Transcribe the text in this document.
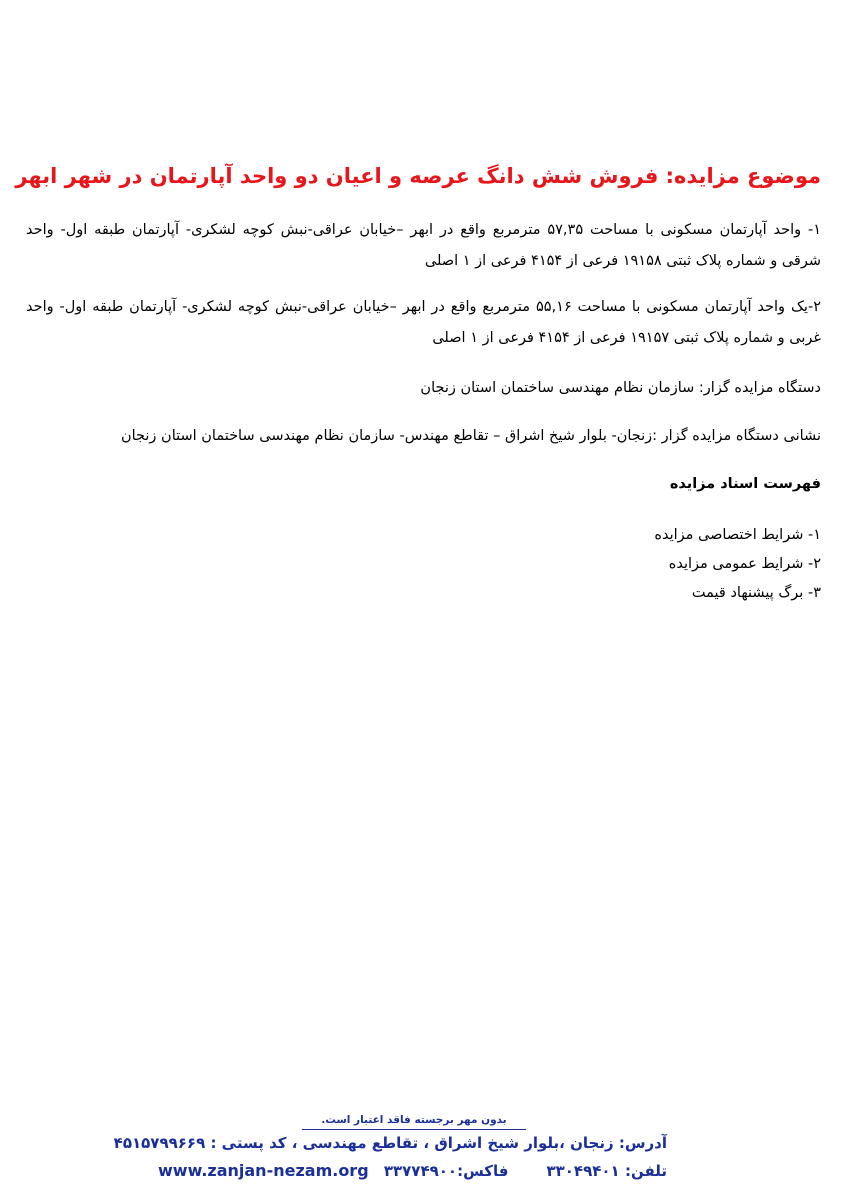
موضوع مزایده: فروش شش دانگ عرصه و اعیان دو واحد آپارتمان در شهر ابهر
۱- واحد آپارتمان مسکونی با مساحت ۵۷,۳۵ مترمربع واقع در ابهر –خیابان عراقی-نبش کوچه لشکری- آپارتمان طبقه اول- واحد شرقی و شماره پلاک ثبتی ۱۹۱۵۸ فرعی از ۴۱۵۴ فرعی از ۱ اصلی
۲-یک واحد آپارتمان مسکونی با مساحت ۵۵,۱۶ مترمربع واقع در ابهر –خیابان عراقی-نبش کوچه لشکری- آپارتمان طبقه اول- واحد غربی و شماره پلاک ثبتی ۱۹۱۵۷ فرعی از ۴۱۵۴ فرعی از ۱ اصلی
دستگاه مزایده گزار: سازمان نظام مهندسی ساختمان استان زنجان
نشانی دستگاه مزایده گزار :زنجان- بلوار شیخ اشراق – تقاطع مهندس- سازمان نظام مهندسی ساختمان استان زنجان
فهرست اسناد مزایده
۱- شرایط اختصاصی مزایده
۲- شرایط عمومی مزایده
۳- برگ پیشنهاد قیمت
بدون مهر برجسته فاقد اعتبار است.
آدرس: زنجان ،بلوار شیخ اشراق ، تقاطع مهندسی ، کد پستی : ۴۵۱۵۷۹۹۶۶۹
تلفن: ۳۳۰۴۹۴۰۱فاکس:۳۳۷۷۴۹۰۰
www.zanjan-nezam.org
